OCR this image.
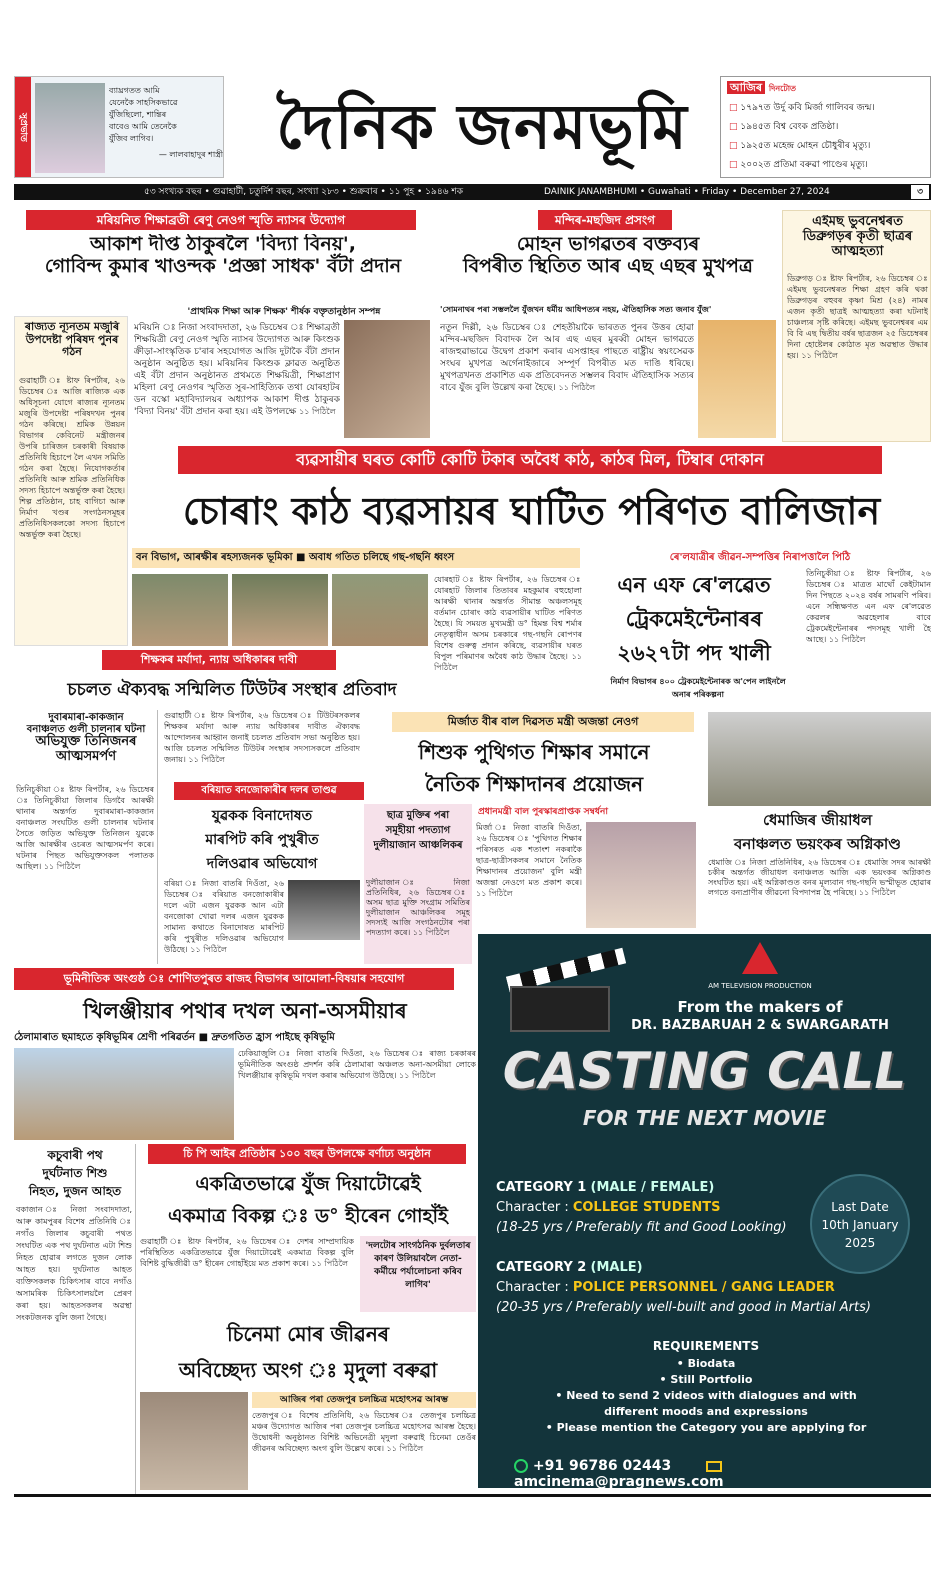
সুপ্ৰভাত
ব্যাঘ্ৰগতত আমি
যেনেকৈ সাহসিকভাৱে
যুঁজিছিলো, শান্তিৰ
বাবেও আমি তেনেকৈ
যুঁজিব লাগিব।
— লালবাহাদুৰ শাস্ত্ৰী দৈনিক জনমভূমি
আজিৰ দিনটোত
□ ১৭৯৭ত উৰ্দু কবি মিৰ্জা গালিবৰ জন্ম।
□ ১৯৪৫ত বিশ্ব বেংক প্ৰতিষ্ঠা।
□ ১৯২৫ত মহেন্দ্ৰ মোহন চৌধুৰীৰ মৃত্যু।
□ ২০০২ত প্ৰতিমা বৰুৱা পাণ্ডেৰ মৃত্যু।
৫৩ সংখ্যক বছৰ • গুৱাহাটী, চতুৰ্দিশ বছৰ, সংখ্যা ২৮৩ • শুক্ৰবাৰ • ১১ পুহ • ১৯৪৬ শক	DAINIK JANAMBHUMI • Guwahati • Friday • December 27, 2024	৩
মৰিয়নিত শিক্ষাব্ৰতী ৰেণু নেওগ স্মৃতি ন্যাসৰ উদ্যোগ
আকাশ দীপ্ত ঠাকুৰলৈ 'বিদ্যা বিনয়',
গোবিন্দ কুমাৰ খাওন্দক 'প্ৰজ্ঞা সাধক' বঁটা প্ৰদান
'প্ৰাথমিক শিক্ষা আৰু শিক্ষক' শীৰ্ষক বক্তৃতানুষ্ঠান সম্পন্ন
মৰিয়নি ঃ নিজা সংবাদদাতা, ২৬ ডিচেম্বৰ ঃ শিক্ষাব্ৰতী শিক্ষয়িত্ৰী ৰেণু নেওগ স্মৃতি ন্যাসৰ উদ্যোগত আৰু কিংশুক ক্ৰীড়া-সাংস্কৃতিক চ'ৰাৰ সহযোগত আজি দুটাকৈ বঁটা প্ৰদান অনুষ্ঠান অনুষ্ঠিত হয়। মৰিয়নিৰ কিংশুক ক্লাৱত অনুষ্ঠিত এই বঁটা প্ৰদান অনুষ্ঠানত প্ৰথমতে শিক্ষয়িত্ৰী, শিক্ষাপ্ৰাণ মহিলা ৰেণু নেওগৰ স্মৃতিত সুৰ-সাহিত্যিক তথা যোৰহাটৰ ডন বস্কো মহাবিদ্যালয়ৰ অধ্যাপক আকাশ দীপ্ত ঠাকুৰক 'বিদ্যা বিনয়' বঁটা প্ৰদান কৰা হয়। এই উপলক্ষে ১১ পিঠিলৈ
ৰাজ্যত ন্যূনতম মজুৰি উপদেষ্টা পৰিষদ পুনৰ গঠন
গুৱাহাটী ঃ ষ্টাফ ৰিপৰ্টাৰ, ২৬ ডিচেম্বৰ ঃ আজি ৰাজ্যিক এক অধিসূচনা যোগে ৰাজ্যৰ ন্যূনতম মজুৰি উপদেষ্টা পৰিষদখন পুনৰ গঠন কৰিছে। শ্ৰমিক উন্নয়ন বিভাগৰ কেবিনেট মন্ত্ৰীজনৰ উপৰি চাৰিজন চৰকাৰী বিষয়াক প্ৰতিনিধি হিচাপে লৈ এখন সমিতি গঠন কৰা হৈছে। নিযোগকৰ্তাৰ প্ৰতিনিধি আৰু শ্ৰমিক প্ৰতিনিধিক সদস্য হিচাপে অন্তৰ্ভুক্ত কৰা হৈছে। শিল্প প্ৰতিষ্ঠান, চাহ বাগিচা আৰু নিৰ্মাণ খণ্ডৰ সংগঠনসমূহৰ প্ৰতিনিধিসকলকো সদস্য হিচাপে অন্তৰ্ভুক্ত কৰা হৈছে।
মন্দিৰ-মছজিদ প্ৰসংগ
মোহন ভাগৱতৰ বক্তব্যৰ
বিপৰীত স্থিতিত আৰ এছ এছৰ মুখপত্ৰ
'সোমনাথৰ পৰা সম্ভললৈ যুঁজখন ধৰ্মীয় আধিপত্যৰ নহয়, ঐতিহাসিক সত্য জনাব যুঁজ'
নতুন দিল্লী, ২৬ ডিচেম্বৰ ঃ শেহতীয়াকৈ ভাৰতত পুনৰ উত্তৰ হোৱা মন্দিৰ-মছজিদ বিবাদক লৈ আৰ এছ এছৰ মুৰব্বী মোহন ভাগৱতে ৰাজহুৱাভাৱে উদ্বেগ প্ৰকাশ কৰাৰ এসপ্তাহৰ পাছতে ৰাষ্ট্ৰীয় স্বয়ংসেৱক সংঘৰ মুখপত্ৰ অৰ্গেনাইজাৰে সম্পূৰ্ণ বিপৰীত মত দাঙি ধৰিছে। মুখপত্ৰখনত প্ৰকাশিত এক প্ৰতিবেদনত সম্ভলৰ বিবাদ ঐতিহাসিক সত্যৰ বাবে যুঁজ বুলি উল্লেখ কৰা হৈছে। ১১ পিঠিলৈ
এইমছ ভুবনেশ্বৰত ডিব্ৰুগড়ৰ কৃতী ছাত্ৰৰ আত্মহত্যা
ডিব্ৰুগড় ঃ ষ্টাফ ৰিপৰ্টাৰ, ২৬ ডিচেম্বৰ ঃ এইমছ ভুবনেশ্বৰত শিক্ষা গ্ৰহণ কৰি থকা ডিব্ৰুগড়ৰ বহুবৰ কৃষ্ণা মিশ্ৰ (২৪) নামৰ এজন কৃতী ছাত্ৰই আত্মহত্যা কৰা ঘটনাই চাঞ্চল্যৰ সৃষ্টি কৰিছে। এইমছ ভুবনেশ্বৰৰ এম বি বি এছ দ্বিতীয় বৰ্ষৰ ছাত্ৰজন ২৫ ডিচেম্বৰৰ দিনা হোষ্টেলৰ কোঠাত মৃত অৱস্থাত উদ্ধাৰ হয়। ১১ পিঠিলৈ
ব্যৱসায়ীৰ ঘৰত কোটি কোটি টকাৰ অবৈধ কাঠ, কাঠৰ মিল, টিম্বাৰ দোকান
চোৰাং কাঠ ব্যৱসায়ৰ ঘাটিত পৰিণত বালিজান
বন বিভাগ, আৰক্ষীৰ ৰহস্যজনক ভূমিকা ■ অবাধ গতিত চলিছে গছ-গছনি ধ্বংস
যোৰহাট ঃ ষ্টাফ ৰিপৰ্টাৰ, ২৬ ডিচেম্বৰ ঃ যোৰহাট জিলাৰ তিতাবৰ মহকুমাৰ বহুহোলা আৰক্ষী থানাৰ অন্তৰ্গত সীমান্ত অঞ্চলসমূহ বৰ্তমান চোৰাং কাঠ ব্যৱসায়ীৰ ঘাটিত পৰিণত হৈছে। যি সময়ত মুখ্যমন্ত্ৰী ড° হিমন্ত বিশ্ব শৰ্মাৰ নেতৃত্বাধীন অসম চৰকাৰে গছ-গছনি ৰোপণৰ বিশেষ গুৰুত্ব প্ৰদান কৰিছে, ব্যৱসায়ীৰ ঘৰত বিপুল পৰিমাণৰ অবৈধ কাঠ উদ্ধাৰ হৈছে। ১১ পিঠিলৈ
ৰে'লযাত্ৰীৰ জীৱন-সম্পত্তিৰ নিৰাপত্তালৈ পিঠি
এন এফ ৰে'লৱেত
ট্ৰেকমেইন্টেনাৰৰ
২৬২৭টা পদ খালী
নিৰ্মাণ বিভাগৰ ৪০০ ট্ৰেকমেইন্টেনাৰক অ'পেন লাইনলৈ অনাৰ পৰিকল্পনা
তিনিচুকীয়া ঃ ষ্টাফ ৰিপৰ্টাৰ, ২৬ ডিচেম্বৰ ঃ মাত্ৰত মাথোঁ কেইটামান দিন পিছতে ২০২৪ বৰ্ষৰ সামৰণি পৰিব। এনে সন্ধিক্ষণত এন এফ ৰে'লৱেত কেৱলৰ অৱহেলাৰ বাবে ট্ৰেকমেইন্টেনাৰৰ পদসমূহ খালী হৈ আছে। ১১ পিঠিলৈ
শিক্ষকৰ মৰ্যাদা, ন্যায় অধিকাৰৰ দাবী
চচলত ঐক্যবদ্ধ সন্মিলিত টিউটৰ সংস্থাৰ প্ৰতিবাদ
দুবাৰমাৰা-কাকজান
বনাঞ্চলত গুলী চালনাৰ ঘটনা
অভিযুক্ত তিনিজনৰ আত্মসমৰ্পণ
তিনিচুকীয়া ঃ ষ্টাফ ৰিপৰ্টাৰ, ২৬ ডিচেম্বৰ ঃ তিনিচুকীয়া জিলাৰ ডিগবৈ আৰক্ষী থানাৰ অন্তৰ্গত দুবাৰমাৰা-কাকজান বনাঞ্চলত সংঘটিত গুলী চালনাৰ ঘটনাৰ সৈতে জড়িত অভিযুক্ত তিনিজন যুৱকে আজি আৰক্ষীৰ ওচৰত আত্মসমৰ্পণ কৰে। ঘটনাৰ পিছত অভিযুক্তসকল পলাতক আছিল। ১১ পিঠিলৈ
গুৱাহাটী ঃ ষ্টাফ ৰিপৰ্টাৰ, ২৬ ডিচেম্বৰ ঃ টিউটৰসকলৰ শিক্ষকৰ মৰ্যাদা আৰু ন্যায় অধিকাৰৰ দাবীত ঐক্যবদ্ধ আন্দোলনৰ আহ্বান জনাই চচলত প্ৰতিবাদ সভা অনুষ্ঠিত হয়। আজি চচলত সন্মিলিত টিউটৰ সংস্থাৰ সদস্যসকলে প্ৰতিবাদ জনায়। ১১ পিঠিলৈ
বৰিয়াত বনজোকাৰীৰ দলৰ তাণ্ডৱ
যুৱকক বিনাদোষত
মাৰপিট কৰি পুখুৰীত
দলিওৱাৰ অভিযোগ
বৰিয়া ঃ নিজা বাতৰি দিওঁতা, ২৬ ডিচেম্বৰ ঃ বৰিয়াত বনজোকাৰীৰ দলে এটা এজন যুৱকক আন এটা বনজোকা খোৱা দলৰ এজন যুৱকক সামান্য কথাতে বিনাদোষত মাৰপিট কৰি পুখুৰীত দলিওৱাৰ অভিযোগ উঠিছে। ১১ পিঠিলৈ
মিৰ্জাত বীৰ বাল দিৱসত মন্ত্ৰী অজন্তা নেওগ
শিশুক পুথিগত শিক্ষাৰ সমানে
নৈতিক শিক্ষাদানৰ প্ৰয়োজন
প্ৰধানমন্ত্ৰী বাল পুৰস্কাৰপ্ৰাপ্তক সম্বৰ্ধনা
ছাত্ৰ মুক্তিৰ পৰা
সমূহীয়া পদত্যাগ
দুলীয়াজান আঞ্চলিকৰ
দুলীয়াজান ঃ নিজা প্ৰতিনিধিৰ, ২৬ ডিচেম্বৰ ঃ অসম ছাত্ৰ মুক্তি সংগ্ৰাম সমিতিৰ দুলীয়াজান আঞ্চলিকৰ সমূহ সদস্যই আজি সংগঠনটোৰ পৰা পদত্যাগ কৰে। ১১ পিঠিলৈ
মিৰ্জা ঃ নিজা বাতৰি দিওঁতা, ২৬ ডিচেম্বৰ ঃ 'পুথিগত শিক্ষাৰ পৰিসৰত এক শতাংশ নকৰাকৈ ছাত্ৰ-ছাত্ৰীসকলৰ সমানে নৈতিক শিক্ষাদানৰ প্ৰয়োজন' বুলি মন্ত্ৰী অজন্তা নেওগে মত প্ৰকাশ কৰে। ১১ পিঠিলৈ
ধেমাজিৰ জীয়াধল
বনাঞ্চলত ভয়ংকৰ অগ্নিকাণ্ড
ধেমাজি ঃ নিজা প্ৰতিনিধিৰ, ২৬ ডিচেম্বৰ ঃ ধেমাজি সদৰ আৰক্ষী চকীৰ অন্তৰ্গত জীয়াধল বনাঞ্চলত আজি এক ভয়ংকৰ অগ্নিকাণ্ড সংঘটিত হয়। এই অগ্নিকাণ্ডত বনৰ মূল্যবান গছ-গছনি ভস্মীভূত হোৱাৰ লগতে বন্যপ্ৰাণীৰ জীৱনো বিপদাপন্ন হৈ পৰিছে। ১১ পিঠিলৈ
ভূমিনীতিক অংগুষ্ঠ ঃ শোণিতপুৰত ৰাজহ বিভাগৰ আমোলা-বিষয়াৰ সহযোগ
খিলঞ্জীয়াৰ পথাৰ দখল অনা-অসমীয়াৰ
ঠেলামাৰাত ছমাহতে কৃষিভূমিৰ শ্ৰেণী পৰিৱৰ্তন ■ দ্ৰুতগতিত হ্ৰাস পাইছে কৃষিভূমি
ঢেকিয়াজুলি ঃ নিজা বাতৰি দিওঁতা, ২৬ ডিচেম্বৰ ঃ ৰাজ্য চৰকাৰৰ ভূমিনীতিক অংগুষ্ঠ প্ৰদৰ্শন কৰি ঠেলামাৰা অঞ্চলত অনা-অসমীয়া লোকে খিলঞ্জীয়াৰ কৃষিভূমি দখল কৰাৰ অভিযোগ উঠিছে। ১১ পিঠিলৈ
কচুবাৰী পথ
দুৰ্ঘটনাত শিশু
নিহত, দুজন আহত
বকাজান ঃ নিজা সংবাদদাতা, আৰু কামপুৰৰ বিশেষ প্ৰতিনিধি ঃ নগাঁও জিলাৰ কচুবাৰী পথত সংঘটিত এক পথ দুৰ্ঘটনাত এটা শিশু নিহত হোৱাৰ লগতে দুজন লোক আহত হয়। দুৰ্ঘটনাত আহত ব্যক্তিসকলক চিকিৎসাৰ বাবে নগাঁও অসামৰিক চিকিৎসালয়লৈ প্ৰেৰণ কৰা হয়। আহতসকলৰ অৱস্থা সংকটজনক বুলি জনা গৈছে।
চি পি আইৰ প্ৰতিষ্ঠাৰ ১০০ বছৰ উপলক্ষে বৰ্ণাঢ্য অনুষ্ঠান
একত্ৰিতভাৱে যুঁজ দিয়াটোৱেই
একমাত্ৰ বিকল্প ঃ ড° হীৰেন গোহাঁই
গুৱাহাটী ঃ ষ্টাফ ৰিপৰ্টাৰ, ২৬ ডিচেম্বৰ ঃ দেশৰ সাম্প্ৰদায়িক পৰিস্থিতিত একত্ৰিতভাৱে যুঁজ দিয়াটোৱেই একমাত্ৰ বিকল্প বুলি বিশিষ্ট বুদ্ধিজীৱী ড° হীৰেন গোহাঁইয়ে মত প্ৰকাশ কৰে। ১১ পিঠিলৈ
'দলটোৰ সাংগঠনিক দুৰ্বলতাৰ কাৰণ উলিয়াবলৈ নেতা-কৰ্মীয়ে পৰ্যালোচনা কৰিব লাগিব'
চিনেমা মোৰ জীৱনৰ
অবিচ্ছেদ্য অংগ ঃ মৃদুলা বৰুৱা
আজিৰ পৰা তেজপুৰ চলচ্চিত্ৰ মহোৎসৱ আৰম্ভ
তেজপুৰ ঃ বিশেষ প্ৰতিনিধি, ২৬ ডিচেম্বৰ ঃ তেজপুৰ চলচ্চিত্ৰ মঞ্চৰ উদ্যোগত আজিৰ পৰা তেজপুৰ চলচ্চিত্ৰ মহোৎসৱ আৰম্ভ হৈছে। উদ্বোধনী অনুষ্ঠানত বিশিষ্ট অভিনেত্ৰী মৃদুলা বৰুৱাই চিনেমা তেওঁৰ জীৱনৰ অবিচ্ছেদ্য অংগ বুলি উল্লেখ কৰে। ১১ পিঠিলৈ
AM TELEVISION PRODUCTION
From the makers of
DR. BAZBARUAH 2 & SWARGARATH
CASTING CALL
FOR THE NEXT MOVIE
CATEGORY 1 (MALE / FEMALE)
Character : COLLEGE STUDENTS
(18-25 yrs / Preferably fit and Good Looking)
Last Date
10th January
2025
CATEGORY 2 (MALE)
Character : POLICE PERSONNEL / GANG LEADER
(20-35 yrs / Preferably well-built and good in Martial Arts)
REQUIREMENTS
• Biodata
• Still Portfolio
• Need to send 2 videos with dialogues and with
different moods and expressions
• Please mention the Category you are applying for
+91 96786 02443  amcinema@pragnews.com
